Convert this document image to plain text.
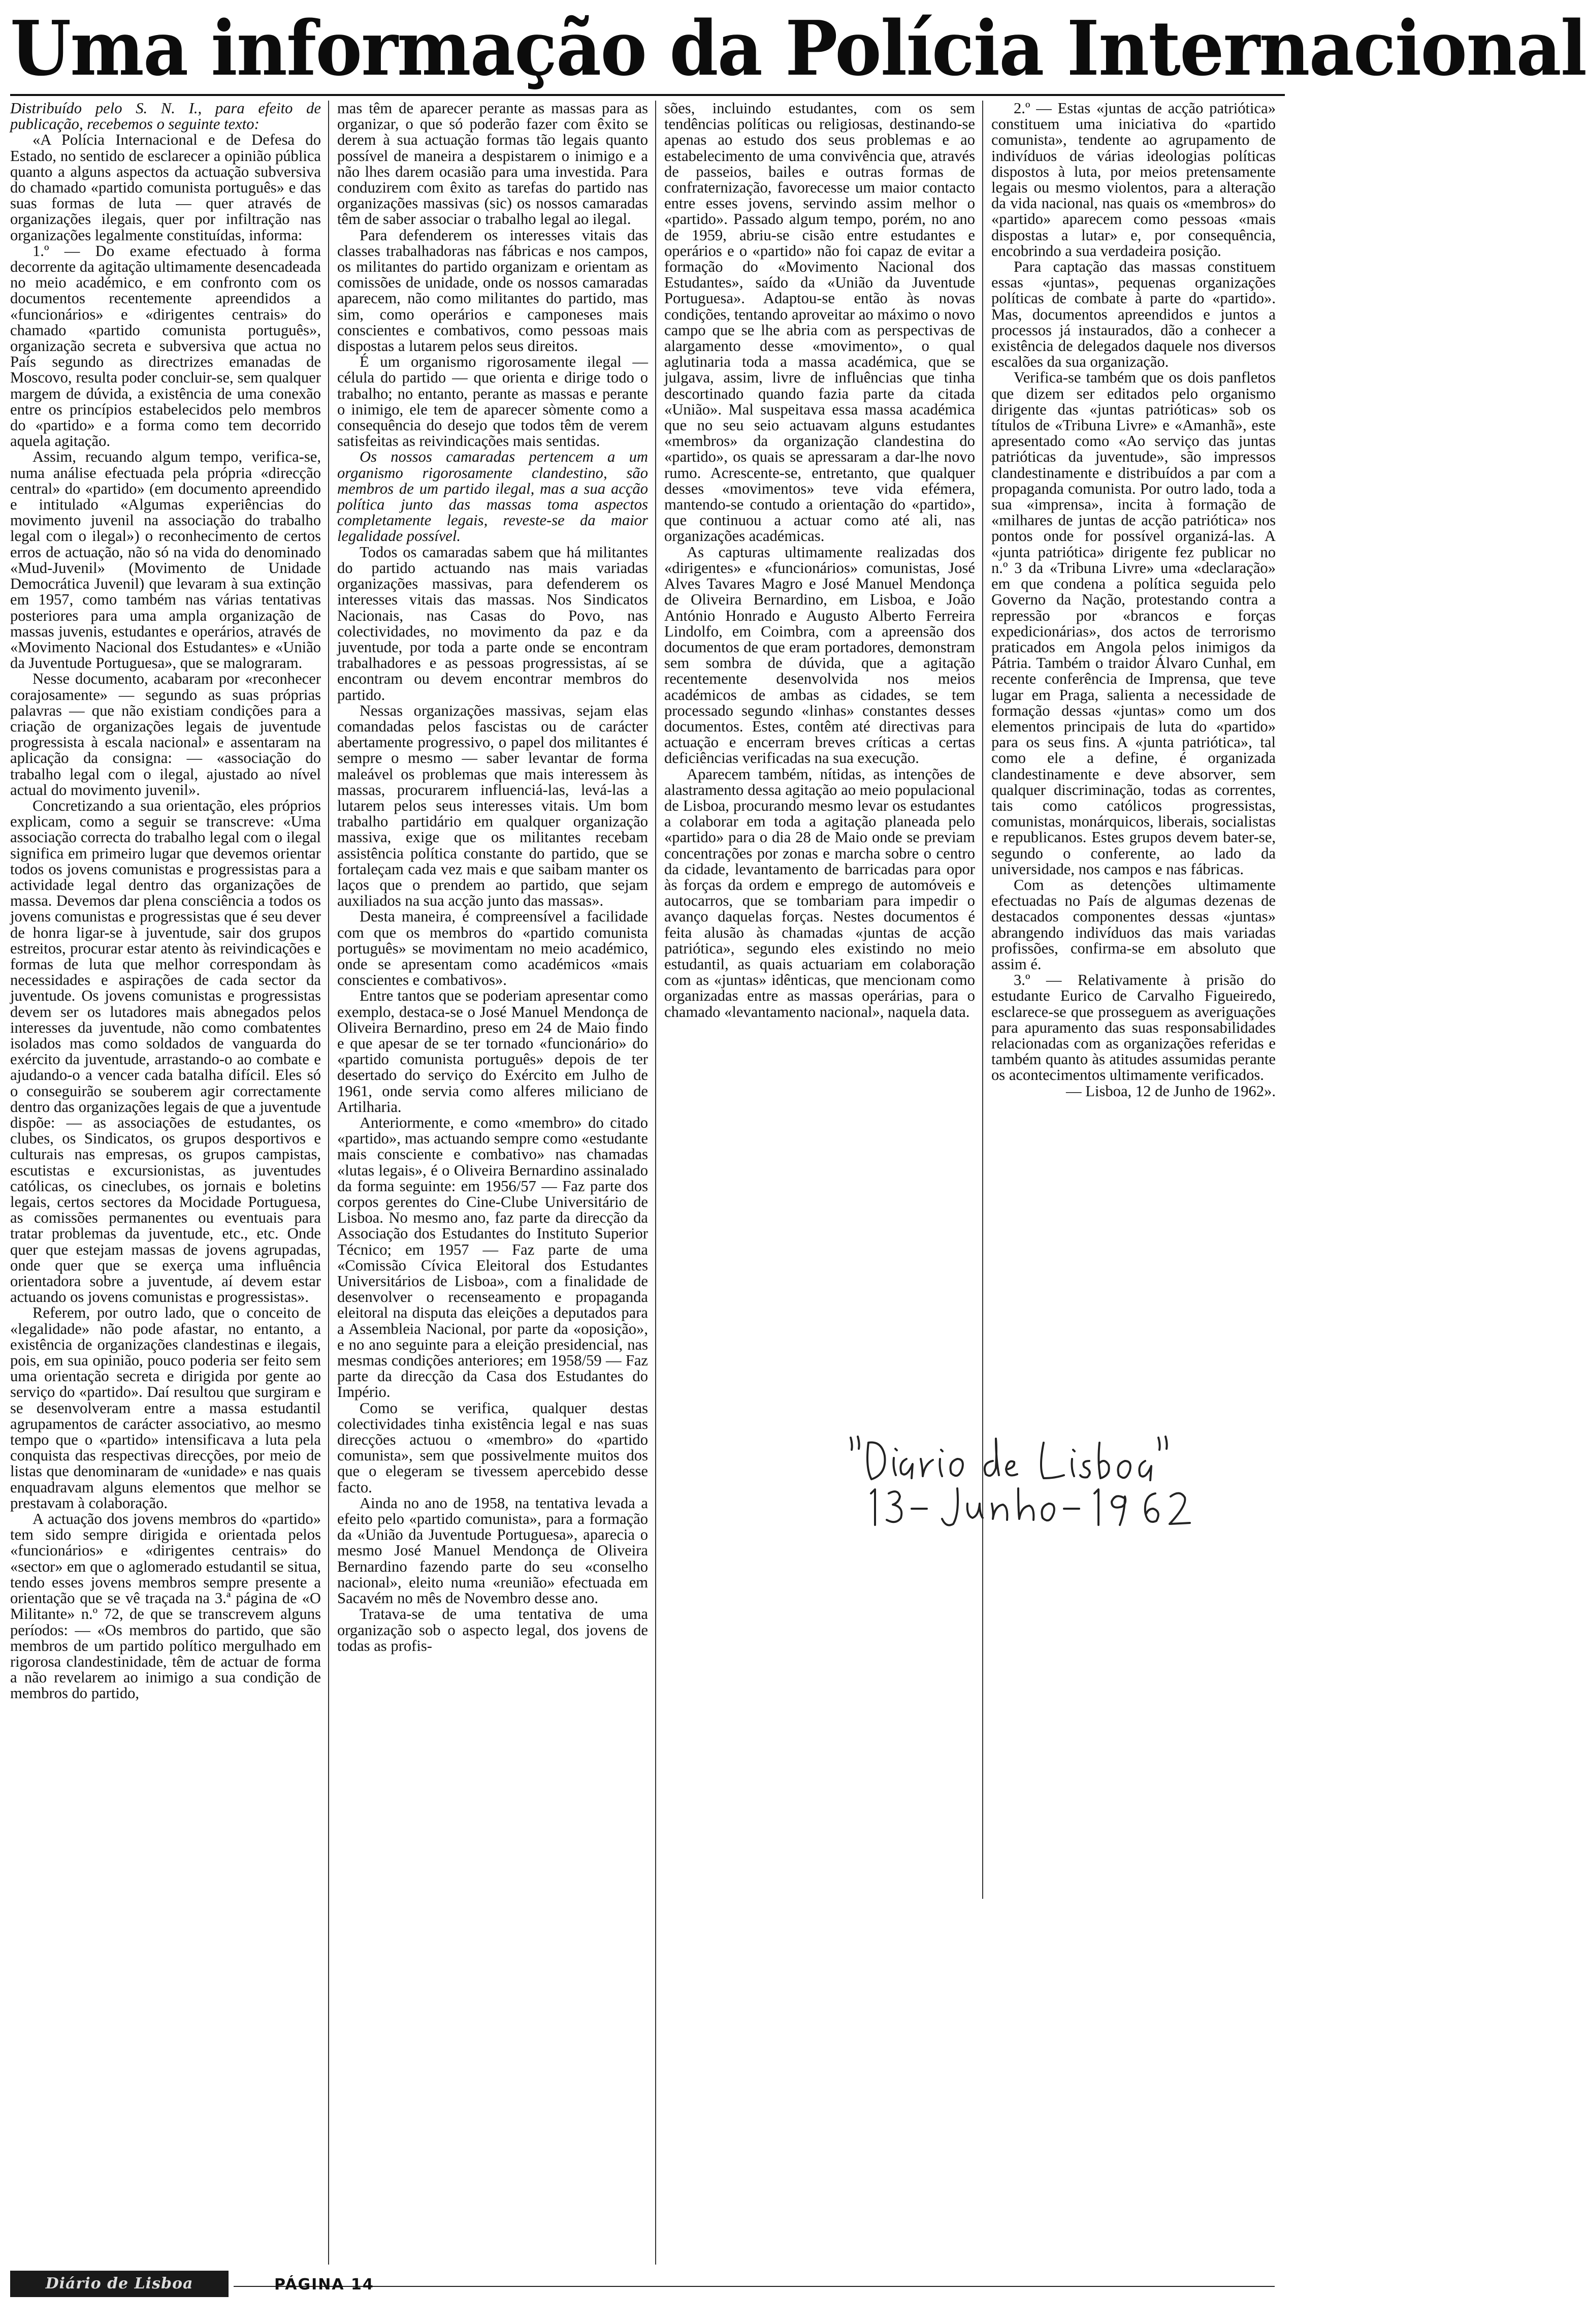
Uma informação da Polícia Internacional

Distribuído pelo S. N. I., para efeito de publicação, recebemos o seguinte texto:

«A Polícia Internacional e de Defesa do Estado, no sentido de esclarecer a opinião pública quanto a alguns aspectos da actuação subversiva do chamado «partido comunista português» e das suas formas de luta — quer através de organizações ilegais, quer por infiltração nas organizações legalmente constituídas, informa:

1.º — Do exame efectuado à forma decorrente da agitação ultimamente desencadeada no meio académico, e em confronto com os documentos recentemente apreendidos a «funcionários» e «dirigentes centrais» do chamado «partido comunista português», organização secreta e subversiva que actua no País segundo as directrizes emanadas de Moscovo, resulta poder concluir-se, sem qualquer margem de dúvida, a existência de uma conexão entre os princípios estabelecidos pelo membros do «partido» e a forma como tem decorrido aquela agitação.

Assim, recuando algum tempo, verifica-se, numa análise efectuada pela própria «direcção central» do «partido» (em documento apreendido e intitulado «Algumas experiências do movimento juvenil na associação do trabalho legal com o ilegal») o reconhecimento de certos erros de actuação, não só na vida do denominado «Mud-Juvenil» (Movimento de Unidade Democrática Juvenil) que levaram à sua extinção em 1957, como também nas várias tentativas posteriores para uma ampla organização de massas juvenis, estudantes e operários, através de «Movimento Nacional dos Estudantes» e «União da Juventude Portuguesa», que se malograram.

Nesse documento, acabaram por «reconhecer corajosamente» — segundo as suas próprias palavras — que não existiam condições para a criação de organizações legais de juventude progressista à escala nacional» e assentaram na aplicação da consigna: — «associação do trabalho legal com o ilegal, ajustado ao nível actual do movimento juvenil».

Concretizando a sua orientação, eles próprios explicam, como a seguir se transcreve: «Uma associação correcta do trabalho legal com o ilegal significa em primeiro lugar que devemos orientar todos os jovens comunistas e progressistas para a actividade legal dentro das organizações de massa. Devemos dar plena consciência a todos os jovens comunistas e progressistas que é seu dever de honra ligar-se à juventude, sair dos grupos estreitos, procurar estar atento às reivindicações e formas de luta que melhor correspondam às necessidades e aspirações de cada sector da juventude. Os jovens comunistas e progressistas devem ser os lutadores mais abnegados pelos interesses da juventude, não como combatentes isolados mas como soldados de vanguarda do exército da juventude, arrastando-o ao combate e ajudando-o a vencer cada batalha difícil. Eles só o conseguirão se souberem agir correctamente dentro das organizações legais de que a juventude dispõe: — as associações de estudantes, os clubes, os Sindicatos, os grupos desportivos e culturais nas empresas, os grupos campistas, escutistas e excursionistas, as juventudes católicas, os cineclubes, os jornais e boletins legais, certos sectores da Mocidade Portuguesa, as comissões permanentes ou eventuais para tratar problemas da juventude, etc., etc. Onde quer que estejam massas de jovens agrupadas, onde quer que se exerça uma influência orientadora sobre a juventude, aí devem estar actuando os jovens comunistas e progressistas».

Referem, por outro lado, que o conceito de «legalidade» não pode afastar, no entanto, a existência de organizações clandestinas e ilegais, pois, em sua opinião, pouco poderia ser feito sem uma orientação secreta e dirigida por gente ao serviço do «partido». Daí resultou que surgiram e se desenvolveram entre a massa estudantil agrupamentos de carácter associativo, ao mesmo tempo que o «partido» intensificava a luta pela conquista das respectivas direcções, por meio de listas que denominaram de «unidade» e nas quais enquadravam alguns elementos que melhor se prestavam à colaboração.

A actuação dos jovens membros do «partido» tem sido sempre dirigida e orientada pelos «funcionários» e «dirigentes centrais» do «sector» em que o aglomerado estudantil se situa, tendo esses jovens membros sempre presente a orientação que se vê traçada na 3.ª página de «O Militante» n.º 72, de que se transcrevem alguns períodos: — «Os membros do partido, que são membros de um partido político mergulhado em rigorosa clandestinidade, têm de actuar de forma a não revelarem ao inimigo a sua condição de membros do partido,

mas têm de aparecer perante as massas para as organizar, o que só poderão fazer com êxito se derem à sua actuação formas tão legais quanto possível de maneira a despistarem o inimigo e a não lhes darem ocasião para uma investida. Para conduzirem com êxito as tarefas do partido nas organizações massivas (sic) os nossos camaradas têm de saber associar o trabalho legal ao ilegal.

Para defenderem os interesses vitais das classes trabalhadoras nas fábricas e nos campos, os militantes do partido organizam e orientam as comissões de unidade, onde os nossos camaradas aparecem, não como militantes do partido, mas sim, como operários e camponeses mais conscientes e combativos, como pessoas mais dispostas a lutarem pelos seus direitos.

É um organismo rigorosamente ilegal — célula do partido — que orienta e dirige todo o trabalho; no entanto, perante as massas e perante o inimigo, ele tem de aparecer sòmente como a consequência do desejo que todos têm de verem satisfeitas as reivindicações mais sentidas.

Os nossos camaradas pertencem a um organismo rigorosamente clandestino, são membros de um partido ilegal, mas a sua acção política junto das massas toma aspectos completamente legais, reveste-se da maior legalidade possível.

Todos os camaradas sabem que há militantes do partido actuando nas mais variadas organizações massivas, para defenderem os interesses vitais das massas. Nos Sindicatos Nacionais, nas Casas do Povo, nas colectividades, no movimento da paz e da juventude, por toda a parte onde se encontram trabalhadores e as pessoas progressistas, aí se encontram ou devem encontrar membros do partido.

Nessas organizações massivas, sejam elas comandadas pelos fascistas ou de carácter abertamente progressivo, o papel dos militantes é sempre o mesmo — saber levantar de forma maleável os problemas que mais interessem às massas, procurarem influenciá-las, levá-las a lutarem pelos seus interesses vitais. Um bom trabalho partidário em qualquer organização massiva, exige que os militantes recebam assistência política constante do partido, que se fortaleçam cada vez mais e que saibam manter os laços que o prendem ao partido, que sejam auxiliados na sua acção junto das massas».

Desta maneira, é compreensível a facilidade com que os membros do «partido comunista português» se movimentam no meio académico, onde se apresentam como académicos «mais conscientes e combativos».

Entre tantos que se poderiam apresentar como exemplo, destaca-se o José Manuel Mendonça de Oliveira Bernardino, preso em 24 de Maio findo e que apesar de se ter tornado «funcionário» do «partido comunista português» depois de ter desertado do serviço do Exército em Julho de 1961, onde servia como alferes miliciano de Artilharia.

Anteriormente, e como «membro» do citado «partido», mas actuando sempre como «estudante mais consciente e combativo» nas chamadas «lutas legais», é o Oliveira Bernardino assinalado da forma seguinte: em 1956/57 — Faz parte dos corpos gerentes do Cine-Clube Universitário de Lisboa. No mesmo ano, faz parte da direcção da Associação dos Estudantes do Instituto Superior Técnico; em 1957 — Faz parte de uma «Comissão Cívica Eleitoral dos Estudantes Universitários de Lisboa», com a finalidade de desenvolver o recenseamento e propaganda eleitoral na disputa das eleições a deputados para a Assembleia Nacional, por parte da «oposição», e no ano seguinte para a eleição presidencial, nas mesmas condições anteriores; em 1958/59 — Faz parte da direcção da Casa dos Estudantes do Império.

Como se verifica, qualquer destas colectividades tinha existência legal e nas suas direcções actuou o «membro» do «partido comunista», sem que possivelmente muitos dos que o elegeram se tivessem apercebido desse facto.

Ainda no ano de 1958, na tentativa levada a efeito pelo «partido comunista», para a formação da «União da Juventude Portuguesa», aparecia o mesmo José Manuel Mendonça de Oliveira Bernardino fazendo parte do seu «conselho nacional», eleito numa «reunião» efectuada em Sacavém no mês de Novembro desse ano.

Tratava-se de uma tentativa de uma organização sob o aspecto legal, dos jovens de todas as profis-

sões, incluindo estudantes, com os sem tendências políticas ou religiosas, destinando-se apenas ao estudo dos seus problemas e ao estabelecimento de uma convivência que, através de passeios, bailes e outras formas de confraternização, favorecesse um maior contacto entre esses jovens, servindo assim melhor o «partido». Passado algum tempo, porém, no ano de 1959, abriu-se cisão entre estudantes e operários e o «partido» não foi capaz de evitar a formação do «Movimento Nacional dos Estudantes», saído da «União da Juventude Portuguesa». Adaptou-se então às novas condições, tentando aproveitar ao máximo o novo campo que se lhe abria com as perspectivas de alargamento desse «movimento», o qual aglutinaria toda a massa académica, que se julgava, assim, livre de influências que tinha descortinado quando fazia parte da citada «União». Mal suspeitava essa massa académica que no seu seio actuavam alguns estudantes «membros» da organização clandestina do «partido», os quais se apressaram a dar-lhe novo rumo. Acrescente-se, entretanto, que qualquer desses «movimentos» teve vida efémera, mantendo-se contudo a orientação do «partido», que continuou a actuar como até ali, nas organizações académicas.

As capturas ultimamente realizadas dos «dirigentes» e «funcionários» comunistas, José Alves Tavares Magro e José Manuel Mendonça de Oliveira Bernardino, em Lisboa, e João António Honrado e Augusto Alberto Ferreira Lindolfo, em Coimbra, com a apreensão dos documentos de que eram portadores, demonstram sem sombra de dúvida, que a agitação recentemente desenvolvida nos meios académicos de ambas as cidades, se tem processado segundo «linhas» constantes desses documentos. Estes, contêm até directivas para actuação e encerram breves críticas a certas deficiências verificadas na sua execução.

Aparecem também, nítidas, as intenções de alastramento dessa agitação ao meio populacional de Lisboa, procurando mesmo levar os estudantes a colaborar em toda a agitação planeada pelo «partido» para o dia 28 de Maio onde se previam concentrações por zonas e marcha sobre o centro da cidade, levantamento de barricadas para opor às forças da ordem e emprego de automóveis e autocarros, que se tombariam para impedir o avanço daquelas forças. Nestes documentos é feita alusão às chamadas «juntas de acção patriótica», segundo eles existindo no meio estudantil, as quais actuariam em colaboração com as «juntas» idênticas, que mencionam como organizadas entre as massas operárias, para o chamado «levantamento nacional», naquela data.

2.º — Estas «juntas de acção patriótica» constituem uma iniciativa do «partido comunista», tendente ao agrupamento de indivíduos de várias ideologias políticas dispostos à luta, por meios pretensamente legais ou mesmo violentos, para a alteração da vida nacional, nas quais os «membros» do «partido» aparecem como pessoas «mais dispostas a lutar» e, por consequência, encobrindo a sua verdadeira posição.

Para captação das massas constituem essas «juntas», pequenas organizações políticas de combate à parte do «partido». Mas, documentos apreendidos e juntos a processos já instaurados, dão a conhecer a existência de delegados daquele nos diversos escalões da sua organização.

Verifica-se também que os dois panfletos que dizem ser editados pelo organismo dirigente das «juntas patrióticas» sob os títulos de «Tribuna Livre» e «Amanhã», este apresentado como «Ao serviço das juntas patrióticas da juventude», são impressos clandestinamente e distribuídos a par com a propaganda comunista. Por outro lado, toda a sua «imprensa», incita à formação de «milhares de juntas de acção patriótica» nos pontos onde for possível organizá-las. A «junta patriótica» dirigente fez publicar no n.º 3 da «Tribuna Livre» uma «declaração» em que condena a política seguida pelo Governo da Nação, protestando contra a repressão por «brancos e forças expedicionárias», dos actos de terrorismo praticados em Angola pelos inimigos da Pátria. Também o traidor Álvaro Cunhal, em recente conferência de Imprensa, que teve lugar em Praga, salienta a necessidade de formação dessas «juntas» como um dos elementos principais de luta do «partido» para os seus fins. A «junta patriótica», tal como ele a define, é organizada clandestinamente e deve absorver, sem qualquer discriminação, todas as correntes, tais como católicos progressistas, comunistas, monárquicos, liberais, socialistas e republicanos. Estes grupos devem bater-se, segundo o conferente, ao lado da universidade, nos campos e nas fábricas.

Com as detenções ultimamente efectuadas no País de algumas dezenas de destacados componentes dessas «juntas» abrangendo indivíduos das mais variadas profissões, confirma-se em absoluto que assim é.

3.º — Relativamente à prisão do estudante Eurico de Carvalho Figueiredo, esclarece-se que prosseguem as averiguações para apuramento das suas responsabilidades relacionadas com as organizações referidas e também quanto às atitudes assumidas perante os acontecimentos ultimamente verificados.

— Lisboa, 12 de Junho de 1962».

Diário de Lisboa	PÁGINA 14
